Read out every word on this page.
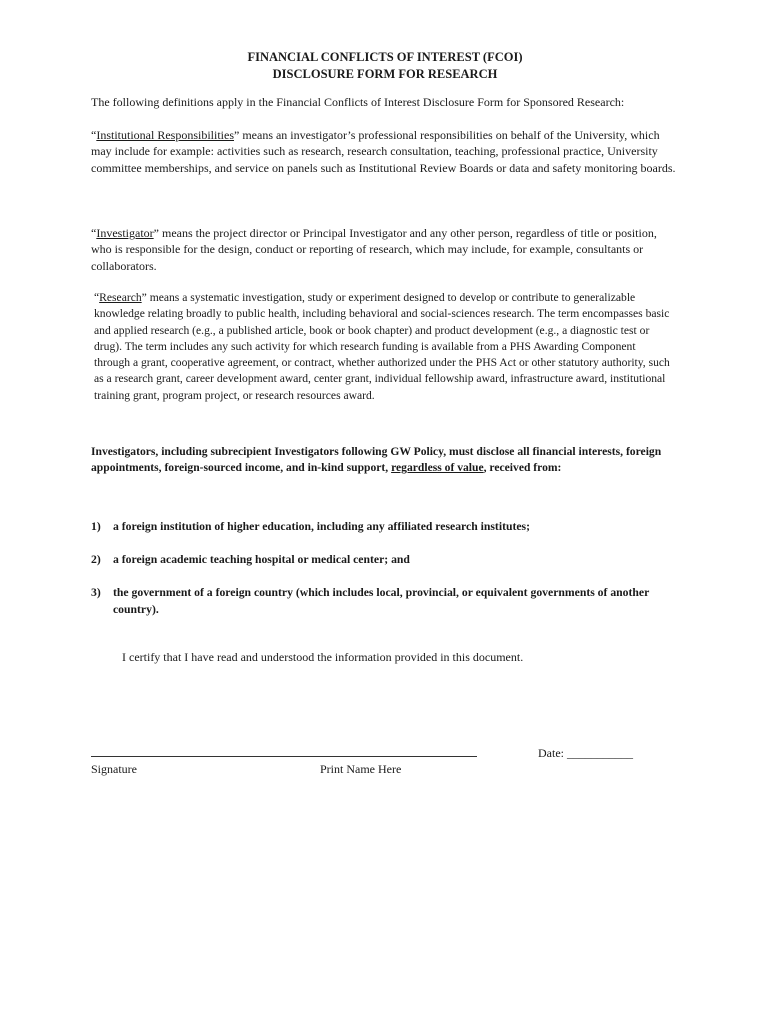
FINANCIAL CONFLICTS OF INTEREST (FCOI)
DISCLOSURE FORM FOR RESEARCH
The following definitions apply in the Financial Conflicts of Interest Disclosure Form for Sponsored Research:
“Institutional Responsibilities” means an investigator’s professional responsibilities on behalf of the University, which may include for example: activities such as research, research consultation, teaching, professional practice, University committee memberships, and service on panels such as Institutional Review Boards or data and safety monitoring boards.
“Investigator” means the project director or Principal Investigator and any other person, regardless of title or position, who is responsible for the design, conduct or reporting of research, which may include, for example, consultants or collaborators.
“Research” means a systematic investigation, study or experiment designed to develop or contribute to generalizable knowledge relating broadly to public health, including behavioral and social-sciences research. The term encompasses basic and applied research (e.g., a published article, book or book chapter) and product development (e.g., a diagnostic test or drug). The term includes any such activity for which research funding is available from a PHS Awarding Component through a grant, cooperative agreement, or contract, whether authorized under the PHS Act or other statutory authority, such as a research grant, career development award, center grant, individual fellowship award, infrastructure award, institutional training grant, program project, or research resources award.
Investigators, including subrecipient Investigators following GW Policy, must disclose all financial interests, foreign appointments, foreign-sourced income, and in-kind support, regardless of value, received from:
1)	a foreign institution of higher education, including any affiliated research institutes;
2)	a foreign academic teaching hospital or medical center; and
3)	the government of a foreign country (which includes local, provincial, or equivalent governments of another country).
I certify that I have read and understood the information provided in this document.
Date: ___________
Signature	Print Name Here
